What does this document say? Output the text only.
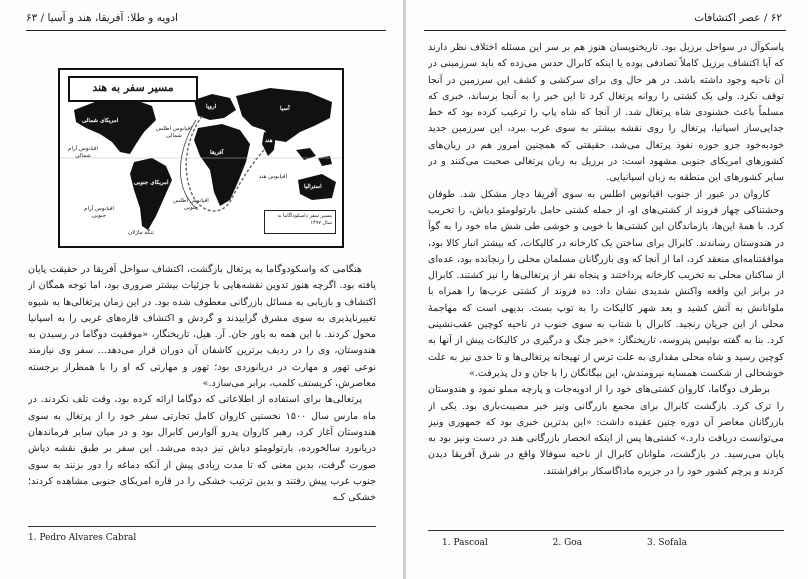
ادویه و طلا: آفریقا، هند و آسیا / ۶۳
مسیر سفر به هند
امریکای شمالی
امریکای جنوبی
آفریقا
آسیا
اروپا
هند
اقیانوس اطلس شمالی
اقیانوس اطلس جنوبی
اقیانوس آرام شمالی
اقیانوس آرام جنوبی
اقیانوس هند
تنگه ماژلان
استرالیا
مسیر سفر داسکوداگاما به سال ۱۴۹۷

هنگامی که واسکودوگاما به پرتغال بازگشت، اکتشاف سواحل آفریقا در حقیقت پایان یافته بود. اگرچه هنوز تدوین نقشه‌هایی با جزئیات بیشتر ضروری بود، اما توجه همگان از اکتشاف و بازیابی به مسائل بازرگانی معطوف شده بود. در این زمان پرتغالی‌ها به شیوه تغییرناپذیری به سوی مشرق گراییدند و گردش و اکتشاف قاره‌های غربی را به اسپانیا محول کردند. با این همه به باور جان. آر. هیل، تاریخنگار، «موفقیت دوگاما در رسیدن به هندوستان، وی را در ردیف برترین کاشفان آن دوران قرار می‌دهد... سفر وی نیازمند نوعی تهور و مهارت در دریانوردی بود؛ تهور و مهارتی که او را با همطراز برجسته معاصرش، کریستف کلمب، برابر می‌سازد.»

پرتغالی‌ها برای استفاده از اطلاعاتی که دوگاما ارائه کرده بود، وقت تلف نکردند. در ماه مارس سال ۱۵۰۰ نخستین کاروان کامل تجارتی سفر خود را از پرتغال به سوی هندوستان آغاز کرد، رهبر کاروان پدرو آلوارس کابرال بود و در میان سایر فرماندهان دریانورد سالخورده، بارتولومئو دیاش نیز دیده می‌شد. این سفر بر طبق نقشه دیاش صورت گرفت، بدین معنی که تا مدت زیادی پیش از آنکه دماغه را دور بزنند به سوی جنوب غرب پیش رفتند و بدین ترتیب خشکی را در قاره امریکای جنوبی مشاهده کردند؛ خشکی کـه

1. Pedro Alvares Cabral
۶۲ / عصر اکتشافات

پاسکوآل در سواحل برزیل بود. تاریخنویسان هنوز هم بر سر این مسئله اختلاف نظر دارند که آیا اکتشاف برزیل کاملاً تصادفی بوده یا اینکه کابرال حدس می‌زده که باید سرزمینی در آن ناحیه وجود داشته باشد. در هر حال وی برای سرکشی و کشف این سرزمین در آنجا توقف نکرد. ولی یک کشتی را روانه پرتغال کرد تا این خبر را به آنجا برساند، خبری که مسلماً باعث خشنودی شاه پرتغال شد. از آنجا که شاه پاپ را ترغیب کرده بود که خط جدایی‌ساز اسپانیا، پرتغال را روی نقشه بیشتر به سوی غرب ببرد، این سرزمین جدید خودبه‌خود جزو حوزه نفوذ پرتغال می‌شد، حقیقتی که همچنین امروز هم در زبان‌های کشورهای امریکای جنوبی مشهود است: در برزیل به زبان پرتغالی صحبت می‌کنند و در سایر کشورهای این منطقه به زبان اسپانیایی.

کاروان در عبور از جنوب اقیانوس اطلس به سوی آفریقا دچار مشکل شد. طوفان وحشتناکی چهار فروند از کشتی‌های او، از جمله کشتی حامل بارتولومئو دیاش، را تخریب کرد. با همهٔ این‌ها، بازماندگان این کشتی‌ها با خوبی و خوشی طی شش ماه خود را به گوآ در هندوستان رساندند. کابرال برای ساختن یک کارخانه در کالیکات، که بیشتر انبار کالا بود، موافقتنامه‌ای منعقد کرد، اما از آنجا که وی بازرگانان مسلمان محلی را رنجانده بود، عده‌ای از ساکنان محلی به تخریب کارخانه پرداختند و پنجاه نفر از پرتغالی‌ها را نیز کشتند. کابرال در برابر این واقعه واکنش شدیدی نشان داد: ده فروند از کشتی عرب‌ها را همراه با ملوانانش به آتش کشید و بعد شهر کالیکات را به توپ بست. بدیهی است که مهاجمهٔ محلی از این جریان رنجید. کابرال با شتاب به سوی جنوب در ناحیه کوچین عقب‌نشینی کرد. بنا به گفته بوئیس پنروسه، تاریخنگار: «خبر جنگ و درگیری در کالیکات پیش از آنها به کوچین رسید و شاه محلی مقداری به علت ترس از تهیجانه پرتغالی‌ها و تا حدی نیز به علت خوشحالی از شکست همسایه نیرومندش، این بیگانگان را با جان و دل پذیرفت.»

برطرف دوگاما، کاروان کشتی‌های خود را از ادویه‌جات و پارچه مملو نمود و هندوستان را ترک کرد. بازگشت کابرال برای مجمع بازرگانی ونیز خبر مصیبت‌باری بود. یکی از بازرگانان معاصر آن دوره چنین عقیده داشت: «این بدترین خبری بود که جمهوری ونیز می‌توانست دریافت دارد.» کشتی‌ها پس از اینکه انحصار بازرگانی هند در دست ونیز بود به پایان می‌رسید. در بازگشت، ملوانان کابرال از ناحیه سوفالا واقع در شرق آفریقا دیدن کردند و پرچم کشور خود را در جزیره ماداگاسکار برافراشتند.

1. Pascoal	2. Goa	3. Sofala
